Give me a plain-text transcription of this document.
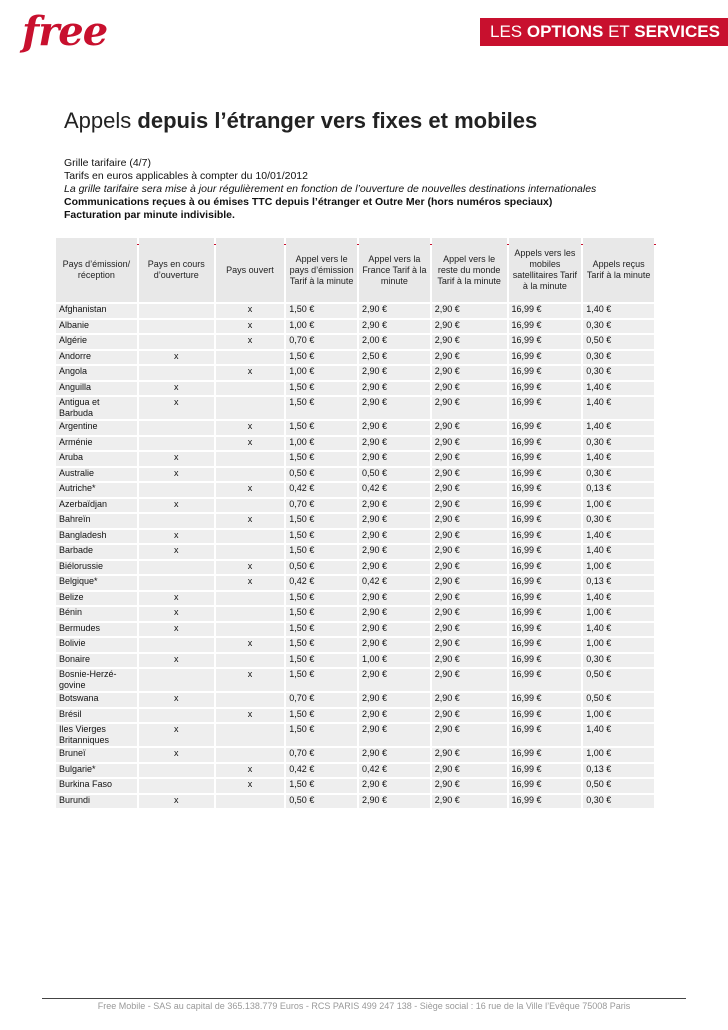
free	LES OPTIONS ET SERVICES
Appels depuis l’étranger vers fixes et mobiles
Grille tarifaire (4/7)
Tarifs en euros applicables à compter du 10/01/2012
La grille tarifaire sera mise à jour régulièrement en fonction de l’ouverture de nouvelles destinations internationales
Communications reçues à ou émises TTC depuis l’étranger et Outre Mer (hors numéros speciaux)
Facturation par minute indivisible.
Pays d’émission/ réception	Pays en cours d’ouverture	Pays ouvert	Appel vers le pays d’émission Tarif à la minute	Appel vers la France Tarif à la minute	Appel vers le reste du monde Tarif à la minute	Appels vers les mobiles satellitaires Tarif à la minute	Appels reçus Tarif à la minute
Afghanistan		x	1,50 €	2,90 €	2,90 €	16,99 €	1,40 €
Albanie		x	1,00 €	2,90 €	2,90 €	16,99 €	0,30 €
Algérie		x	0,70 €	2,00 €	2,90 €	16,99 €	0,50 €
Andorre	x		1,50 €	2,50 €	2,90 €	16,99 €	0,30 €
Angola		x	1,00 €	2,90 €	2,90 €	16,99 €	0,30 €
Anguilla	x		1,50 €	2,90 €	2,90 €	16,99 €	1,40 €
Antigua et Barbuda	x		1,50 €	2,90 €	2,90 €	16,99 €	1,40 €
Argentine		x	1,50 €	2,90 €	2,90 €	16,99 €	1,40 €
Arménie		x	1,00 €	2,90 €	2,90 €	16,99 €	0,30 €
Aruba	x		1,50 €	2,90 €	2,90 €	16,99 €	1,40 €
Australie	x		0,50 €	0,50 €	2,90 €	16,99 €	0,30 €
Autriche*		x	0,42 €	0,42 €	2,90 €	16,99 €	0,13 €
Azerbaïdjan	x		0,70 €	2,90 €	2,90 €	16,99 €	1,00 €
Bahreïn		x	1,50 €	2,90 €	2,90 €	16,99 €	0,30 €
Bangladesh	x		1,50 €	2,90 €	2,90 €	16,99 €	1,40 €
Barbade	x		1,50 €	2,90 €	2,90 €	16,99 €	1,40 €
Biélorussie		x	0,50 €	2,90 €	2,90 €	16,99 €	1,00 €
Belgique*		x	0,42 €	0,42 €	2,90 €	16,99 €	0,13 €
Belize	x		1,50 €	2,90 €	2,90 €	16,99 €	1,40 €
Bénin	x		1,50 €	2,90 €	2,90 €	16,99 €	1,00 €
Bermudes	x		1,50 €	2,90 €	2,90 €	16,99 €	1,40 €
Bolivie		x	1,50 €	2,90 €	2,90 €	16,99 €	1,00 €
Bonaire	x		1,50 €	1,00 €	2,90 €	16,99 €	0,30 €
Bosnie-Herzé-govine		x	1,50 €	2,90 €	2,90 €	16,99 €	0,50 €
Botswana	x		0,70 €	2,90 €	2,90 €	16,99 €	0,50 €
Brésil		x	1,50 €	2,90 €	2,90 €	16,99 €	1,00 €
Iles Vierges Britanniques	x		1,50 €	2,90 €	2,90 €	16,99 €	1,40 €
Bruneï	x		0,70 €	2,90 €	2,90 €	16,99 €	1,00 €
Bulgarie*		x	0,42 €	0,42 €	2,90 €	16,99 €	0,13 €
Burkina Faso		x	1,50 €	2,90 €	2,90 €	16,99 €	0,50 €
Burundi	x		0,50 €	2,90 €	2,90 €	16,99 €	0,30 €
Free Mobile - SAS au capital de 365.138.779 Euros - RCS PARIS 499 247 138 - Siège social : 16 rue de la Ville l’Evêque 75008 Paris
